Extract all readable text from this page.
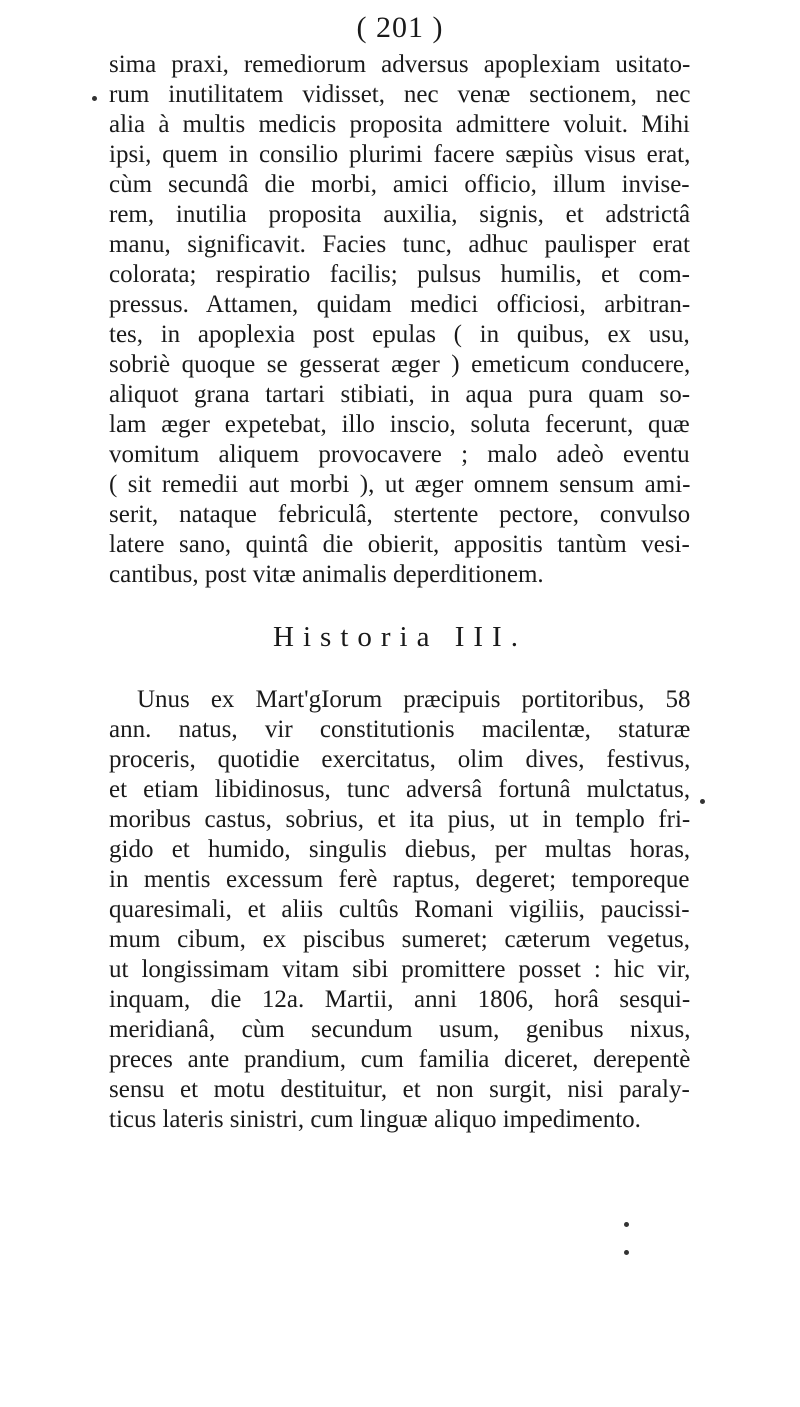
( 201 )
sima praxi, remediorum adversus apoplexiam usitato-
rum inutilitatem vidisset, nec venæ sectionem, nec
alia à multis medicis proposita admittere voluit. Mihi
ipsi, quem in consilio plurimi facere sæpiùs visus erat,
cùm secundâ die morbi, amici officio, illum invise-
rem, inutilia proposita auxilia, signis, et adstrictâ
manu, significavit. Facies tunc, adhuc paulisper erat
colorata; respiratio facilis; pulsus humilis, et com-
pressus. Attamen, quidam medici officiosi, arbitran-
tes, in apoplexia post epulas ( in quibus, ex usu,
sobriè quoque se gesserat æger ) emeticum conducere,
aliquot grana tartari stibiati, in aqua pura quam so-
lam æger expetebat, illo inscio, soluta fecerunt, quæ
vomitum aliquem provocavere ; malo adeò eventu
( sit remedii aut morbi ), ut æger omnem sensum ami-
serit, nataque febriculâ, stertente pectore, convulso
latere sano, quintâ die obierit, appositis tantùm vesi-
cantibus, post vitæ animalis deperditionem.
Historia III.
Unus ex Mart'gIorum præcipuis portitoribus, 58
ann. natus, vir constitutionis macilentæ, staturæ
proceris, quotidie exercitatus, olim dives, festivus,
et etiam libidinosus, tunc adversâ fortunâ mulctatus,
moribus castus, sobrius, et ita pius, ut in templo fri-
gido et humido, singulis diebus, per multas horas,
in mentis excessum ferè raptus, degeret; temporeque
quaresimali, et aliis cultûs Romani vigiliis, paucissi-
mum cibum, ex piscibus sumeret; cæterum vegetus,
ut longissimam vitam sibi promittere posset : hic vir,
inquam, die 12a. Martii, anni 1806, horâ sesqui-
meridianâ, cùm secundum usum, genibus nixus,
preces ante prandium, cum familia diceret, derepentè
sensu et motu destituitur, et non surgit, nisi paraly-
ticus lateris sinistri, cum linguæ aliquo impedimento.
